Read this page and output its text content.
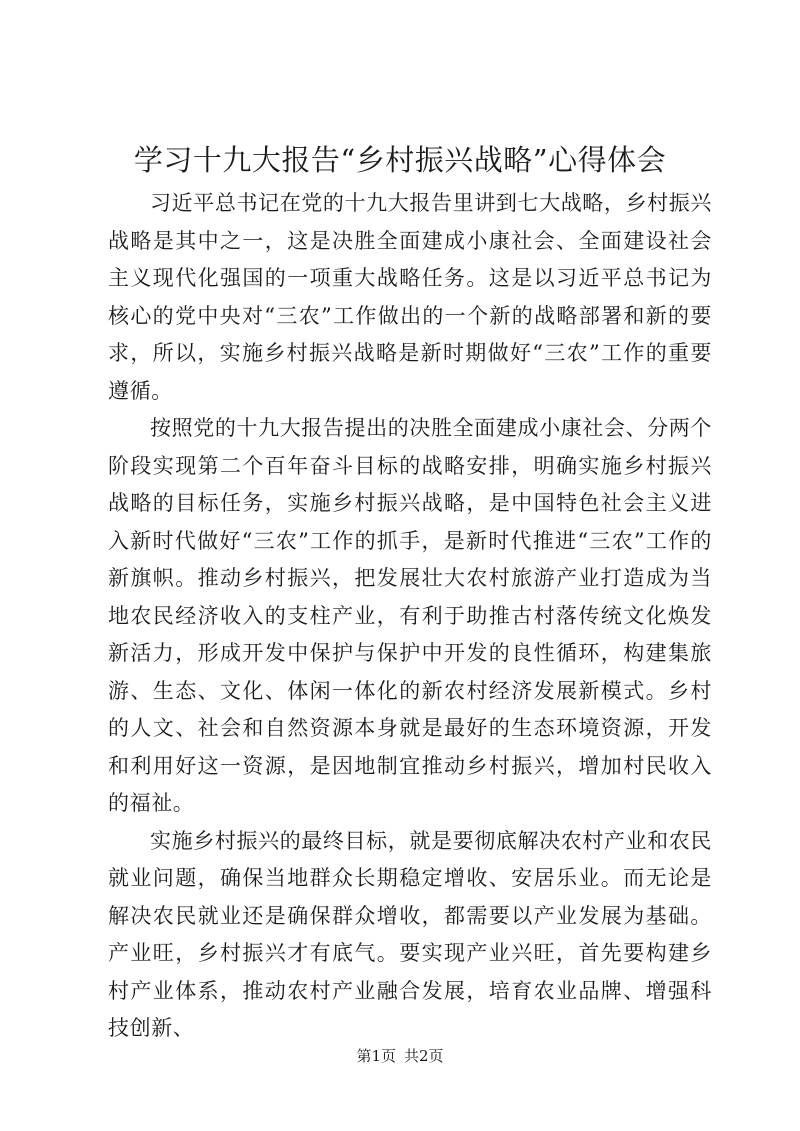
学习十九大报告“乡村振兴战略”心得体会

习近平总书记在党的十九大报告里讲到七大战略，乡村振兴战略是其中之一，这是决胜全面建成小康社会、全面建设社会主义现代化强国的一项重大战略任务。这是以习近平总书记为核心的党中央对“三农”工作做出的一个新的战略部署和新的要求，所以，实施乡村振兴战略是新时期做好“三农”工作的重要遵循。

按照党的十九大报告提出的决胜全面建成小康社会、分两个阶段实现第二个百年奋斗目标的战略安排，明确实施乡村振兴战略的目标任务，实施乡村振兴战略，是中国特色社会主义进入新时代做好“三农”工作的抓手，是新时代推进“三农”工作的新旗帜。推动乡村振兴，把发展壮大农村旅游产业打造成为当地农民经济收入的支柱产业，有利于助推古村落传统文化焕发新活力，形成开发中保护与保护中开发的良性循环，构建集旅游、生态、文化、体闲一体化的新农村经济发展新模式。乡村的人文、社会和自然资源本身就是最好的生态环境资源，开发和利用好这一资源，是因地制宜推动乡村振兴，增加村民收入的福祉。

实施乡村振兴的最终目标，就是要彻底解决农村产业和农民就业问题，确保当地群众长期稳定增收、安居乐业。而无论是解决农民就业还是确保群众增收，都需要以产业发展为基础。产业旺，乡村振兴才有底气。要实现产业兴旺，首先要构建乡村产业体系，推动农村产业融合发展，培育农业品牌、增强科技创新、

第1页 共2页
